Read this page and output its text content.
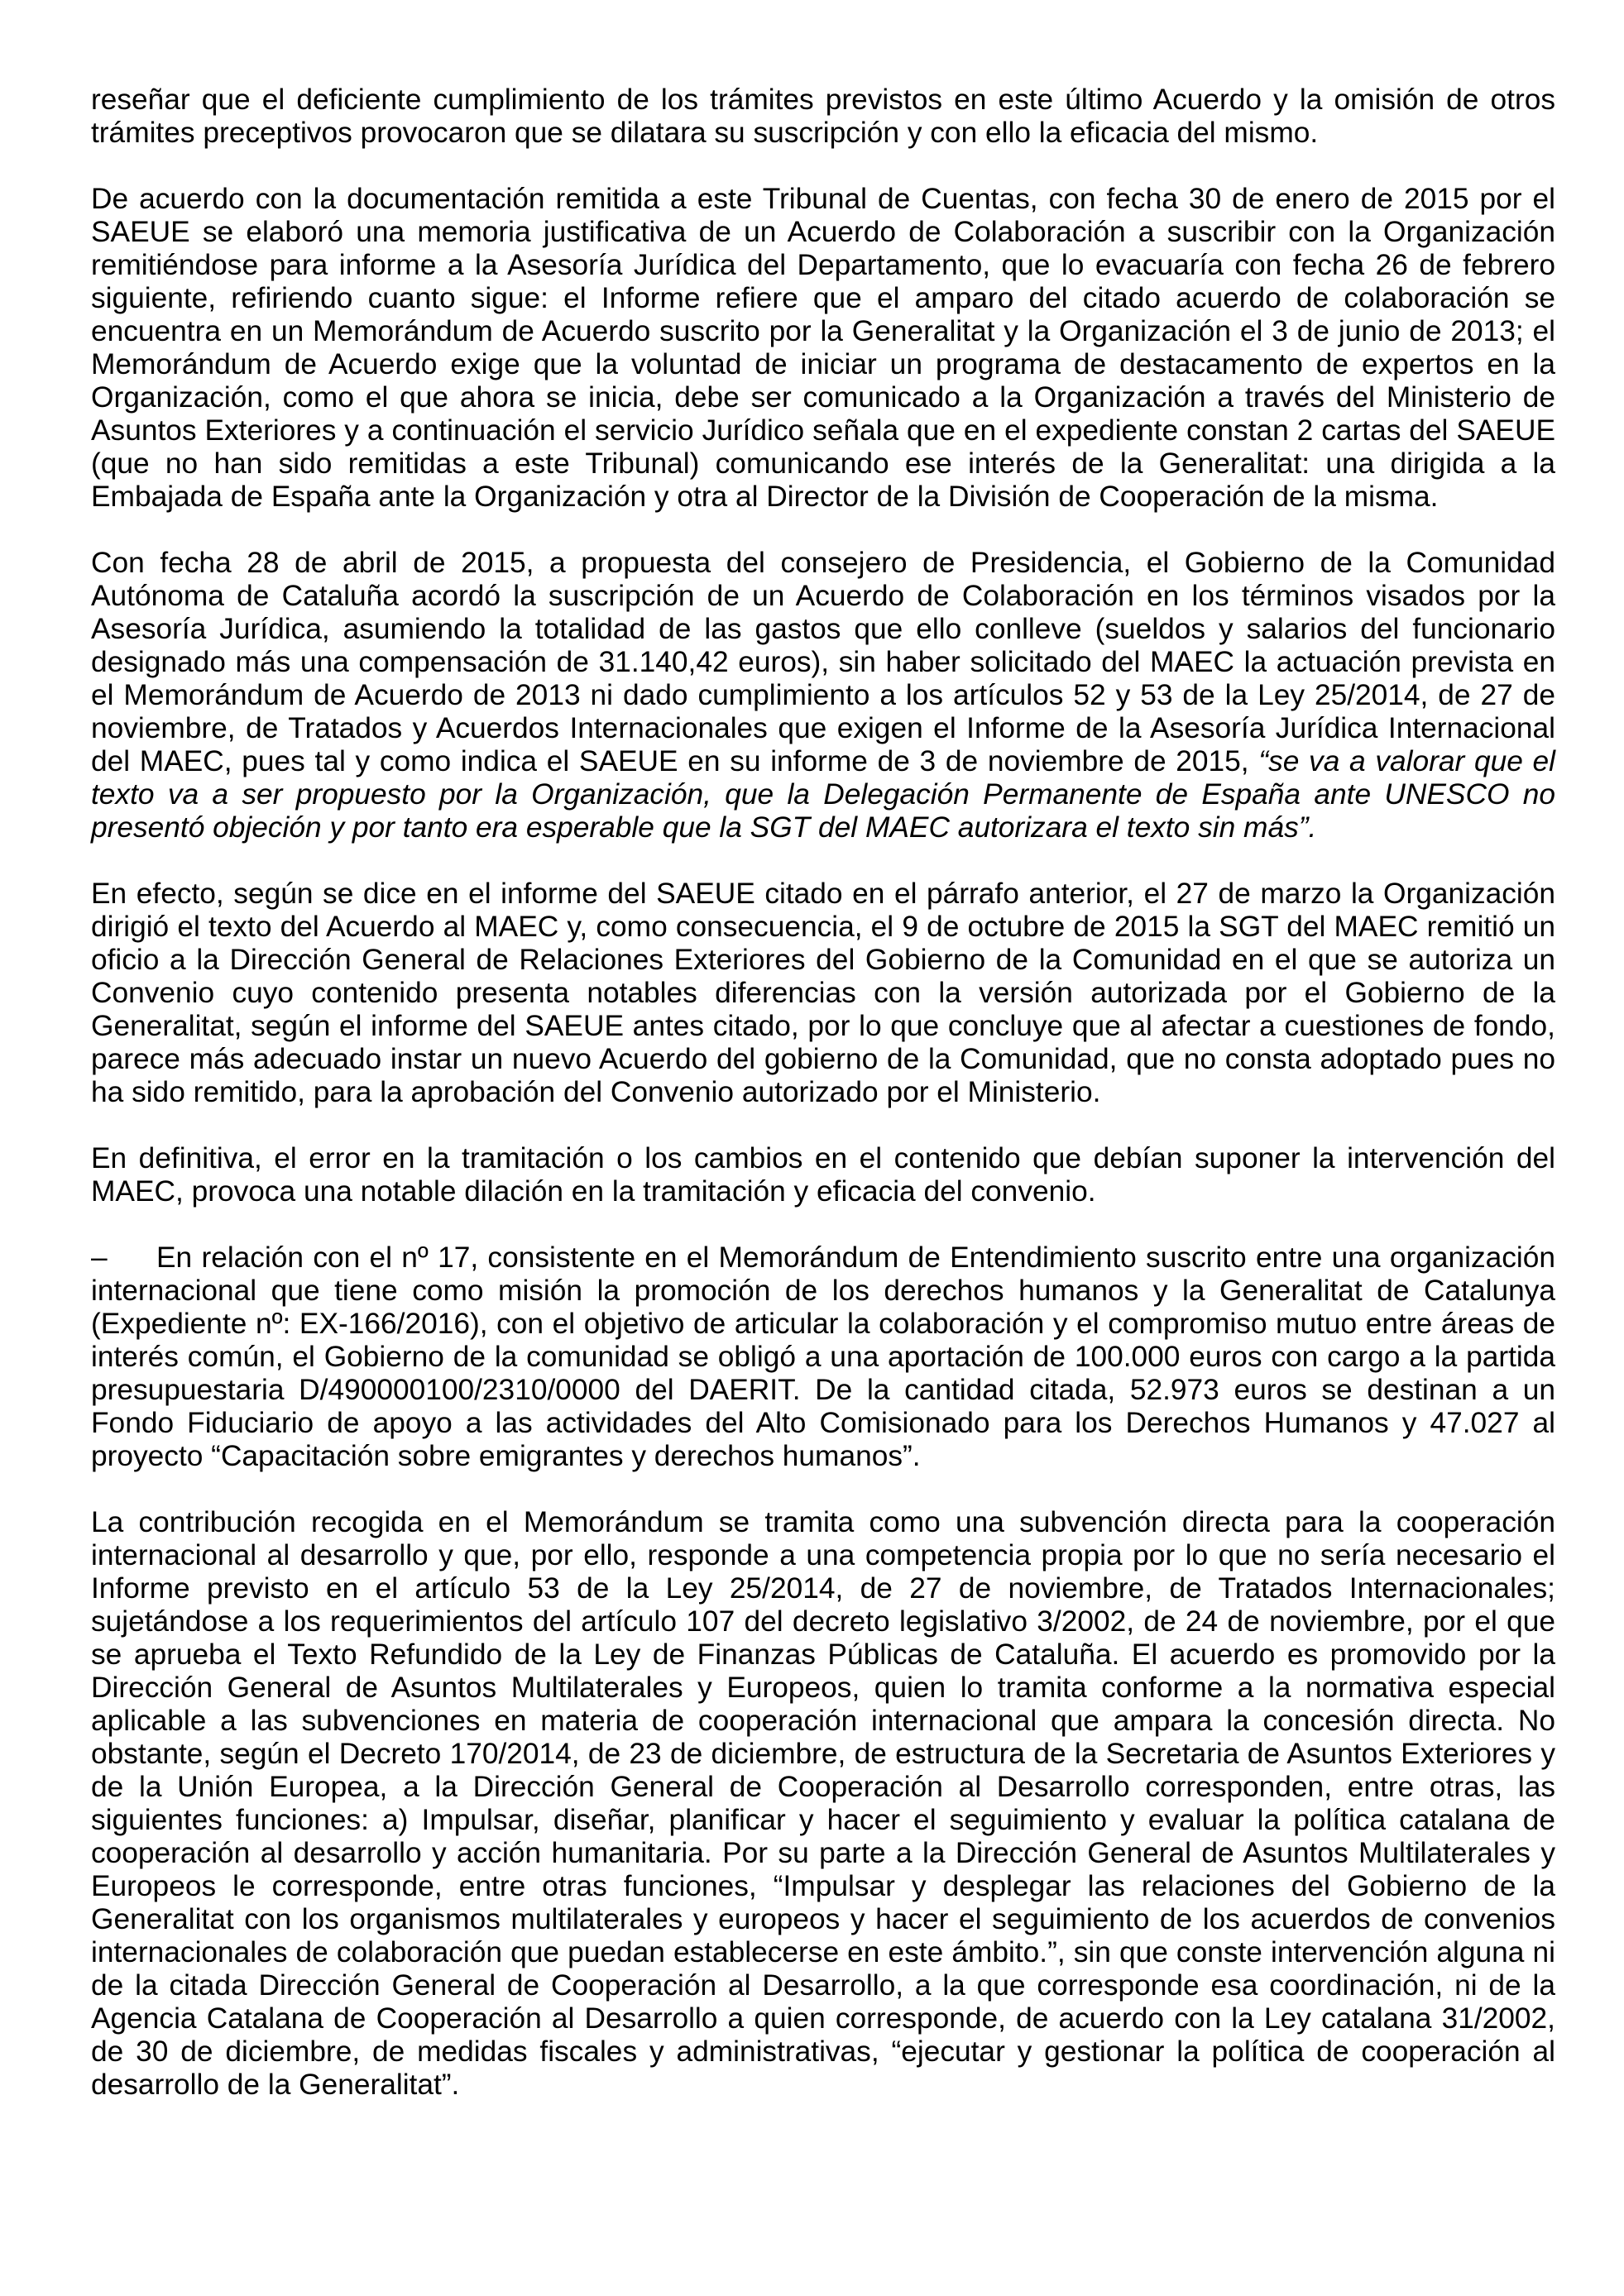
reseñar que el deficiente cumplimiento de los trámites previstos en este último Acuerdo y la omisión de otros trámites preceptivos provocaron que se dilatara su suscripción y con ello la eficacia del mismo.

De acuerdo con la documentación remitida a este Tribunal de Cuentas, con fecha 30 de enero de 2015 por el SAEUE se elaboró una memoria justificativa de un Acuerdo de Colaboración a suscribir con la Organización remitiéndose para informe a la Asesoría Jurídica del Departamento, que lo evacuaría con fecha 26 de febrero siguiente, refiriendo cuanto sigue: el Informe refiere que el amparo del citado acuerdo de colaboración se encuentra en un Memorándum de Acuerdo suscrito por la Generalitat y la Organización el 3 de junio de 2013; el Memorándum de Acuerdo exige que la voluntad de iniciar un programa de destacamento de expertos en la Organización, como el que ahora se inicia, debe ser comunicado a la Organización a través del Ministerio de Asuntos Exteriores y a continuación el servicio Jurídico señala que en el expediente constan 2 cartas del SAEUE (que no han sido remitidas a este Tribunal) comunicando ese interés de la Generalitat: una dirigida a la Embajada de España ante la Organización y otra al Director de la División de Cooperación de la misma.

Con fecha 28 de abril de 2015, a propuesta del consejero de Presidencia, el Gobierno de la Comunidad Autónoma de Cataluña acordó la suscripción de un Acuerdo de Colaboración en los términos visados por la Asesoría Jurídica, asumiendo la totalidad de las gastos que ello conlleve (sueldos y salarios del funcionario designado más una compensación de 31.140,42 euros), sin haber solicitado del MAEC la actuación prevista en el Memorándum de Acuerdo de 2013 ni dado cumplimiento a los artículos 52 y 53 de la Ley 25/2014, de 27 de noviembre, de Tratados y Acuerdos Internacionales que exigen el Informe de la Asesoría Jurídica Internacional del MAEC, pues tal y como indica el SAEUE en su informe de 3 de noviembre de 2015, “se va a valorar que el texto va a ser propuesto por la Organización, que la Delegación Permanente de España ante UNESCO no presentó objeción y por tanto era esperable que la SGT del MAEC autorizara el texto sin más”.

En efecto, según se dice en el informe del SAEUE citado en el párrafo anterior, el 27 de marzo la Organización dirigió el texto del Acuerdo al MAEC y, como consecuencia, el 9 de octubre de 2015 la SGT del MAEC remitió un oficio a la Dirección General de Relaciones Exteriores del Gobierno de la Comunidad en el que se autoriza un Convenio cuyo contenido presenta notables diferencias con la versión autorizada por el Gobierno de la Generalitat, según el informe del SAEUE antes citado, por lo que concluye que al afectar a cuestiones de fondo, parece más adecuado instar un nuevo Acuerdo del gobierno de la Comunidad, que no consta adoptado pues no ha sido remitido, para la aprobación del Convenio autorizado por el Ministerio.

En definitiva, el error en la tramitación o los cambios en el contenido que debían suponer la intervención del MAEC, provoca una notable dilación en la tramitación y eficacia del convenio.

– En relación con el nº 17, consistente en el Memorándum de Entendimiento suscrito entre una organización internacional que tiene como misión la promoción de los derechos humanos y la Generalitat de Catalunya (Expediente nº: EX-166/2016), con el objetivo de articular la colaboración y el compromiso mutuo entre áreas de interés común, el Gobierno de la comunidad se obligó a una aportación de 100.000 euros con cargo a la partida presupuestaria D/490000100/2310/0000 del DAERIT. De la cantidad citada, 52.973 euros se destinan a un Fondo Fiduciario de apoyo a las actividades del Alto Comisionado para los Derechos Humanos y 47.027 al proyecto “Capacitación sobre emigrantes y derechos humanos”.

La contribución recogida en el Memorándum se tramita como una subvención directa para la cooperación internacional al desarrollo y que, por ello, responde a una competencia propia por lo que no sería necesario el Informe previsto en el artículo 53 de la Ley 25/2014, de 27 de noviembre, de Tratados Internacionales; sujetándose a los requerimientos del artículo 107 del decreto legislativo 3/2002, de 24 de noviembre, por el que se aprueba el Texto Refundido de la Ley de Finanzas Públicas de Cataluña. El acuerdo es promovido por la Dirección General de Asuntos Multilaterales y Europeos, quien lo tramita conforme a la normativa especial aplicable a las subvenciones en materia de cooperación internacional que ampara la concesión directa. No obstante, según el Decreto 170/2014, de 23 de diciembre, de estructura de la Secretaria de Asuntos Exteriores y de la Unión Europea, a la Dirección General de Cooperación al Desarrollo corresponden, entre otras, las siguientes funciones: a) Impulsar, diseñar, planificar y hacer el seguimiento y evaluar la política catalana de cooperación al desarrollo y acción humanitaria. Por su parte a la Dirección General de Asuntos Multilaterales y Europeos le corresponde, entre otras funciones, “Impulsar y desplegar las relaciones del Gobierno de la Generalitat con los organismos multilaterales y europeos y hacer el seguimiento de los acuerdos de convenios internacionales de colaboración que puedan establecerse en este ámbito.”, sin que conste intervención alguna ni de la citada Dirección General de Cooperación al Desarrollo, a la que corresponde esa coordinación, ni de la Agencia Catalana de Cooperación al Desarrollo a quien corresponde, de acuerdo con la Ley catalana 31/2002, de 30 de diciembre, de medidas fiscales y administrativas, “ejecutar y gestionar la política de cooperación al desarrollo de la Generalitat”.
